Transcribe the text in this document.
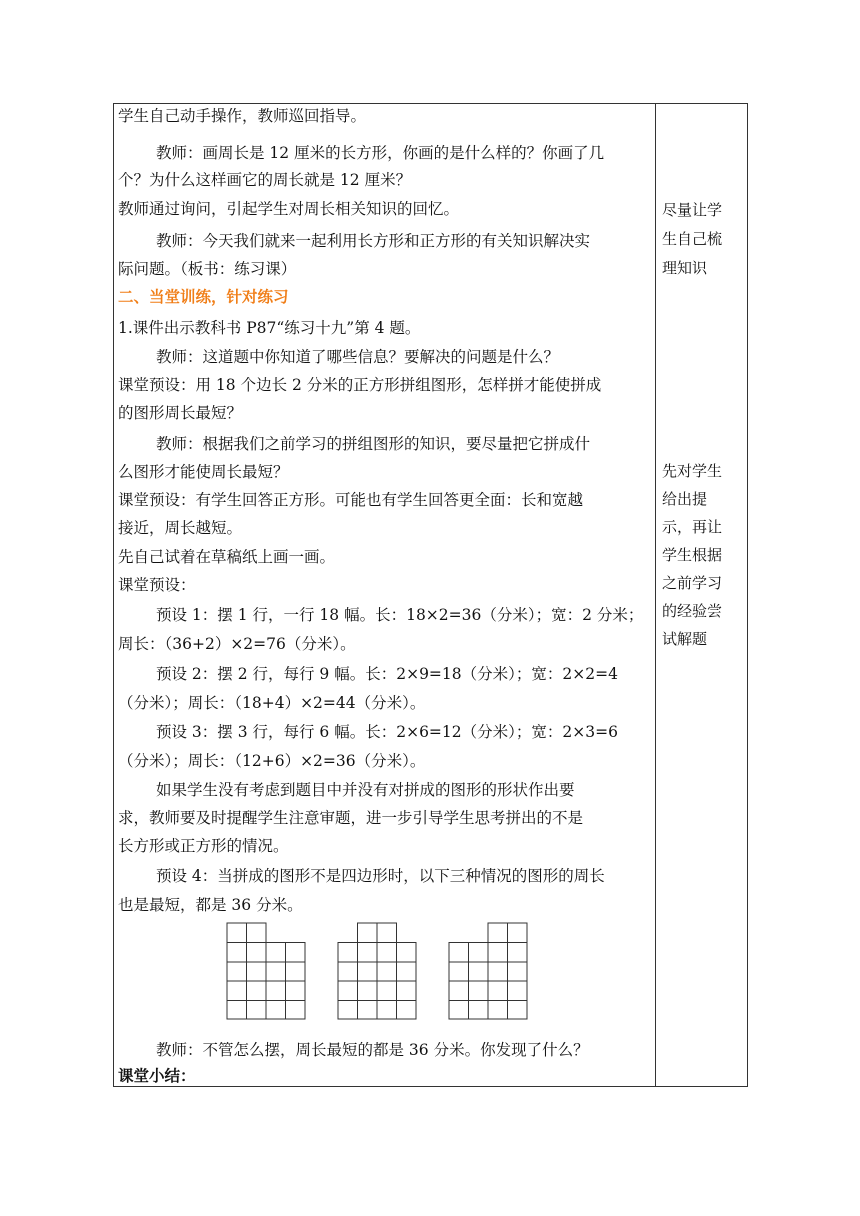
学生自己动手操作，教师巡回指导。
教师：画周长是 12 厘米的长方形，你画的是什么样的？你画了几
个？为什么这样画它的周长就是 12 厘米？
教师通过询问，引起学生对周长相关知识的回忆。
教师：今天我们就来一起利用长方形和正方形的有关知识解决实
际问题。（板书：练习课）
二、当堂训练，针对练习
1.课件出示教科书 P87“练习十九”第 4 题。
教师：这道题中你知道了哪些信息？要解决的问题是什么？
课堂预设：用 18 个边长 2 分米的正方形拼组图形，怎样拼才能使拼成
的图形周长最短？
教师：根据我们之前学习的拼组图形的知识，要尽量把它拼成什
么图形才能使周长最短？
课堂预设：有学生回答正方形。可能也有学生回答更全面：长和宽越
接近，周长越短。
先自己试着在草稿纸上画一画。
课堂预设：
预设 1：摆 1 行，一行 18 幅。长：18×2=36（分米）；宽：2 分米；
周长：（36+2）×2=76（分米）。
预设 2：摆 2 行，每行 9 幅。长：2×9=18（分米）；宽：2×2=4
（分米）；周长：（18+4）×2=44（分米）。
预设 3：摆 3 行，每行 6 幅。长：2×6=12（分米）；宽：2×3=6
（分米）；周长：（12+6）×2=36（分米）。
如果学生没有考虑到题目中并没有对拼成的图形的形状作出要
求，教师要及时提醒学生注意审题，进一步引导学生思考拼出的不是
长方形或正方形的情况。
预设 4：当拼成的图形不是四边形时，以下三种情况的图形的周长
也是最短，都是 36 分米。
教师：不管怎么摆，周长最短的都是 36 分米。你发现了什么？
课堂小结：
尽量让学
生自己梳
理知识
先对学生
给出提
示，再让
学生根据
之前学习
的经验尝
试解题
